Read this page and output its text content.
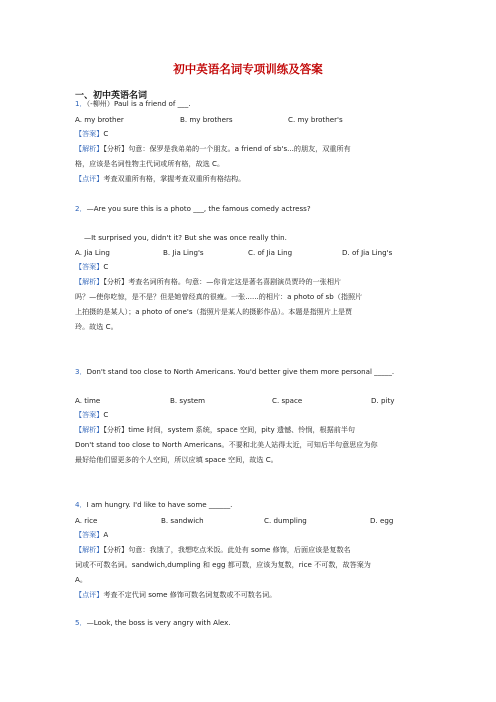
初中英语名词专项训练及答案
一、初中英语名词
1．（-柳州）Paul is a friend of ___.
A. my brother	B. my brothers	C. my brother's
【答案】C
【解析】【分析】句意：保罗是我弟弟的一个朋友。a friend of sb's...的朋友，双重所有
格，应该是名词性物主代词或所有格，故选 C。
【点评】考查双重所有格，掌握考查双重所有格结构。
2．—Are you sure this is a photo ___, the famous comedy actress?
—It surprised you, didn't it? But she was once really thin.
A. Jia Ling	B. Jia Ling's	C. of Jia Ling	D. of Jia Ling's
【答案】C
【解析】【分析】考查名词所有格。句意：—你肯定这是著名喜剧演员贾玲的一张相片
吗？—使你吃惊，是不是？但是她曾经真的很瘦。一张......的相片：a photo of sb（指照片
上拍摄的是某人）；a photo of one's（指照片是某人的摄影作品）。本题是指照片上是贾
玲。故选 C。
3．Don't stand too close to North Americans. You'd better give them more personal _____.
A. time	B. system	C. space	D. pity
【答案】C
【解析】【分析】time 时间，system 系统，space 空间，pity 遗憾、怜悯，根据前半句
Don't stand too close to North Americans。不要和北美人站得太近，可知后半句意思应为你
最好给他们留更多的个人空间，所以应填 space 空间，故选 C。
4．I am hungry. I'd like to have some ______.
A. rice	B. sandwich	C. dumpling	D. egg
【答案】A
【解析】【分析】句意：我饿了，我想吃点米饭。此处有 some 修饰，后面应该是复数名
词或不可数名词。sandwich,dumpling 和 egg 都可数，应该为复数，rice 不可数，故答案为
A。
【点评】考查不定代词 some 修饰可数名词复数或不可数名词。
5．—Look, the boss is very angry with Alex.
